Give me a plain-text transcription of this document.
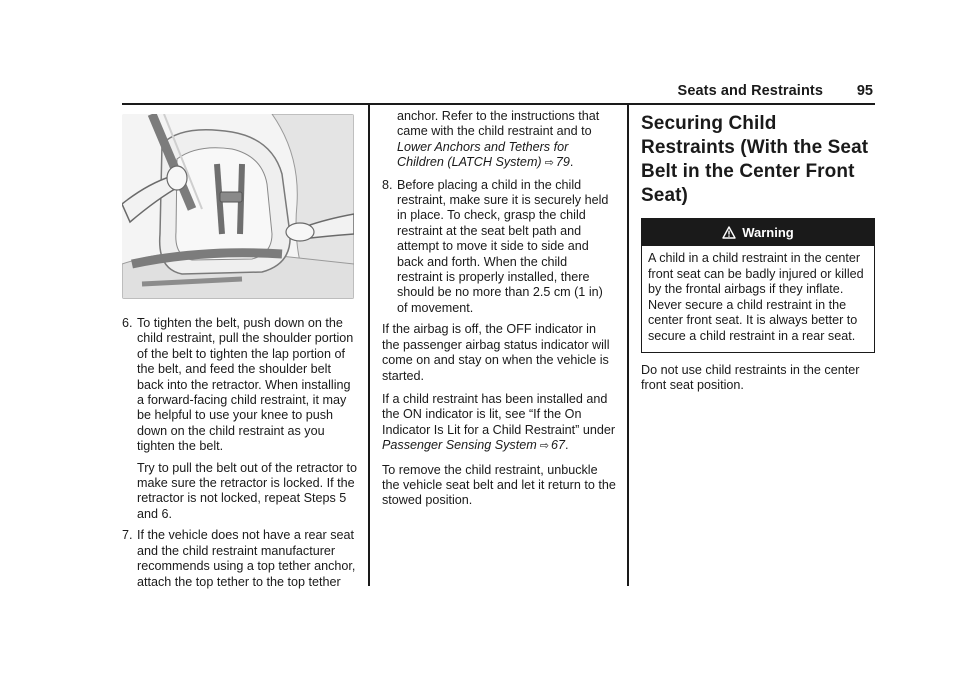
Seats and Restraints 95
6. To tighten the belt, push down on the child restraint, pull the shoulder portion of the belt to tighten the lap portion of the belt, and feed the shoulder belt back into the retractor. When installing a forward-facing child restraint, it may be helpful to use your knee to push down on the child restraint as you tighten the belt.
Try to pull the belt out of the retractor to make sure the retractor is locked. If the retractor is not locked, repeat Steps 5 and 6.
7. If the vehicle does not have a rear seat and the child restraint manufacturer recommends using a top tether anchor, attach the top tether to the top tether
anchor. Refer to the instructions that came with the child restraint and to Lower Anchors and Tethers for Children (LATCH System) ⇨ 79.
8. Before placing a child in the child restraint, make sure it is securely held in place. To check, grasp the child restraint at the seat belt path and attempt to move it side to side and back and forth. When the child restraint is properly installed, there should be no more than 2.5 cm (1 in) of movement.
If the airbag is off, the OFF indicator in the passenger airbag status indicator will come on and stay on when the vehicle is started.
If a child restraint has been installed and the ON indicator is lit, see “If the On Indicator Is Lit for a Child Restraint” under Passenger Sensing System ⇨ 67.
To remove the child restraint, unbuckle the vehicle seat belt and let it return to the stowed position.
Securing Child Restraints (With the Seat Belt in the Center Front Seat)
Warning
A child in a child restraint in the center front seat can be badly injured or killed by the frontal airbags if they inflate. Never secure a child restraint in the center front seat. It is always better to secure a child restraint in a rear seat.
Do not use child restraints in the center front seat position.
